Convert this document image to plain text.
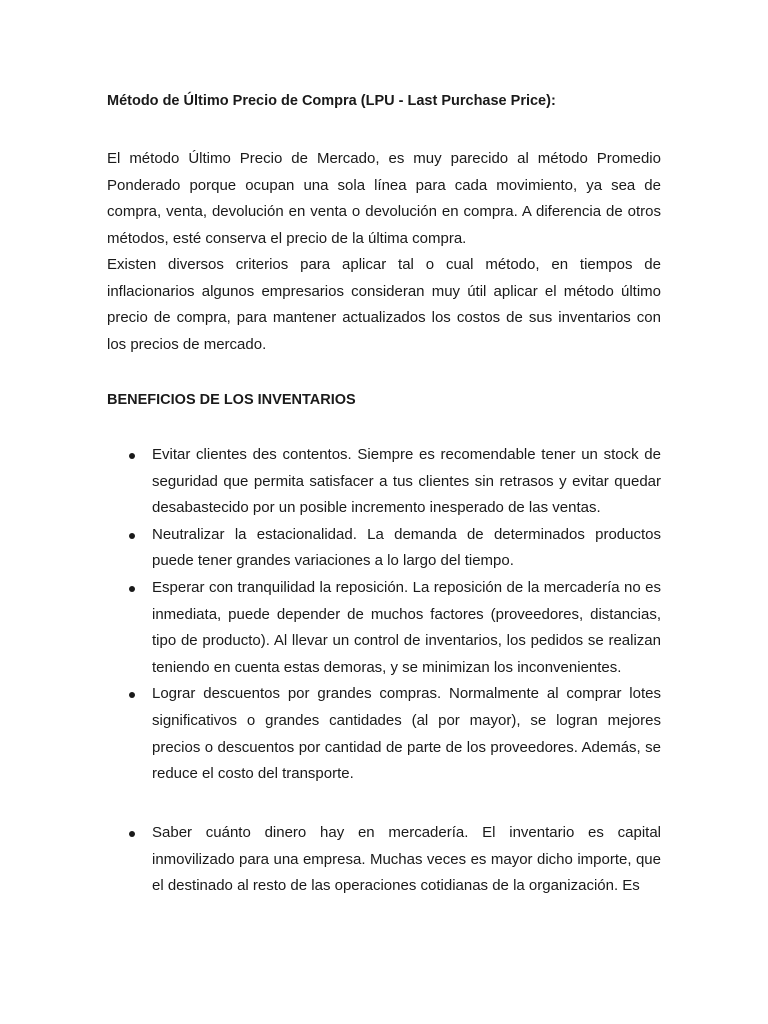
Método de Último Precio de Compra (LPU - Last Purchase Price):

El método Último Precio de Mercado, es muy parecido al método Promedio Ponderado porque ocupan una sola línea para cada movimiento, ya sea de compra, venta, devolución en venta o devolución en compra. A diferencia de otros métodos, esté conserva el precio de la última compra.

Existen diversos criterios para aplicar tal o cual método, en tiempos de inflacionarios algunos empresarios consideran muy útil aplicar el método último precio de compra, para mantener actualizados los costos de sus inventarios con los precios de mercado.

BENEFICIOS DE LOS INVENTARIOS
Evitar clientes des contentos. Siempre es recomendable tener un stock de seguridad que permita satisfacer a tus clientes sin retrasos y evitar quedar desabastecido por un posible incremento inesperado de las ventas.
Neutralizar la estacionalidad. La demanda de determinados productos puede tener grandes variaciones a lo largo del tiempo.
Esperar con tranquilidad la reposición. La reposición de la mercadería no es inmediata, puede depender de muchos factores (proveedores, distancias, tipo de producto). Al llevar un control de inventarios, los pedidos se realizan teniendo en cuenta estas demoras, y se minimizan los inconvenientes.
Lograr descuentos por grandes compras. Normalmente al comprar lotes significativos o grandes cantidades (al por mayor), se logran mejores precios o descuentos por cantidad de parte de los proveedores. Además, se reduce el costo del transporte.
Saber cuánto dinero hay en mercadería. El inventario es capital inmovilizado para una empresa. Muchas veces es mayor dicho importe, que el destinado al resto de las operaciones cotidianas de la organización. Es
